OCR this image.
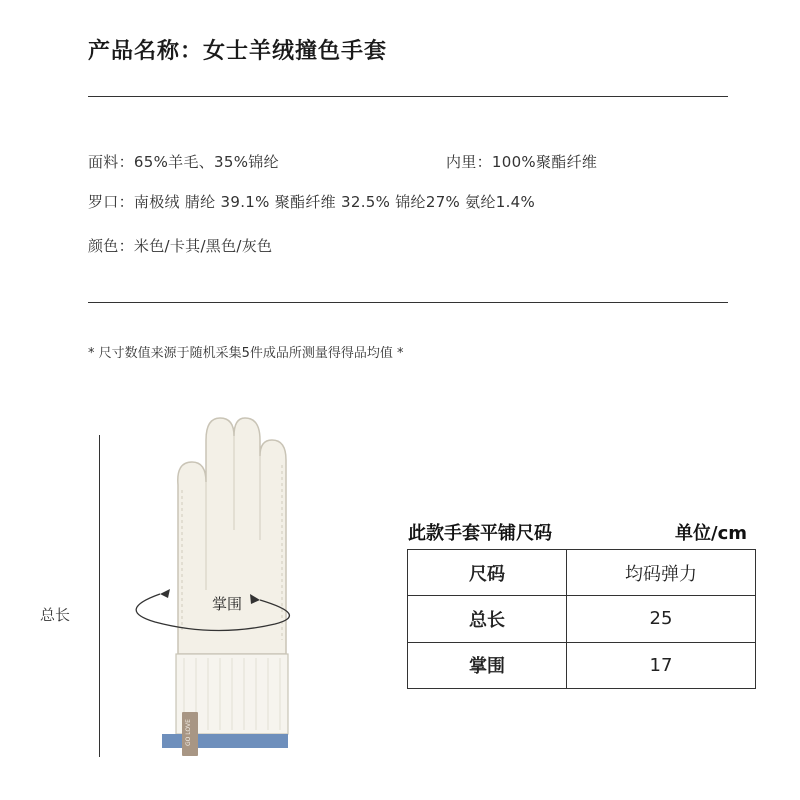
产品名称：女士羊绒撞色手套
面料：65%羊毛、35%锦纶	内里：100%聚酯纤维
罗口：南极绒 腈纶 39.1% 聚酯纤维 32.5% 锦纶27% 氨纶1.4%
颜色：米色/卡其/黑色/灰色
* 尺寸数值来源于随机采集5件成品所测量得得品均值 *
总长
GO LOVE
掌围
此款手套平铺尺码	单位/cm
尺码	均码弹力
总长	25
掌围	17
